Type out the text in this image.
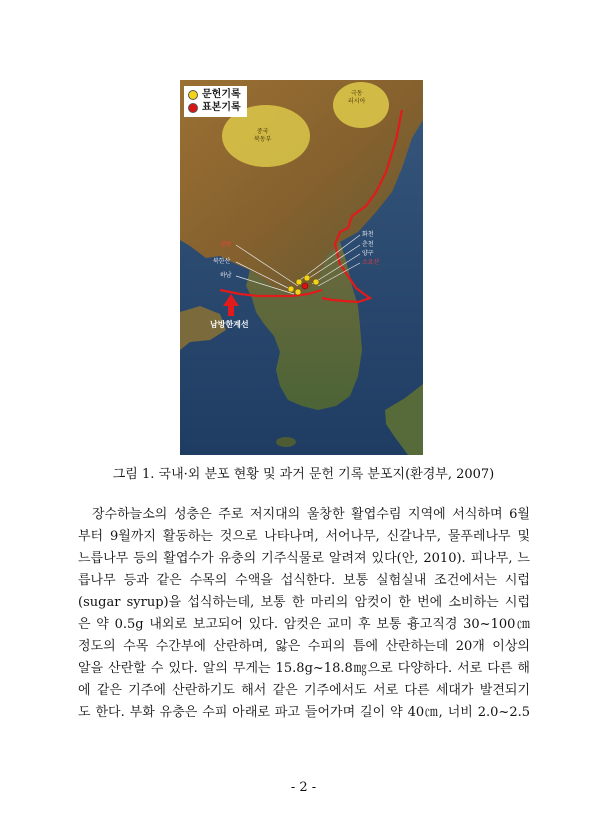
문헌기록
표본기록
극동
러시아
중국
북동부
화천
춘천
양구
소요산
광릉
북한산
하남
남방한계선
그림 1. 국내·외 분포 현황 및 과거 문헌 기록 분포지(환경부, 2007)
장수하늘소의 성충은 주로 저지대의 울창한 활엽수림 지역에 서식하며 6월
부터 9월까지 활동하는 것으로 나타나며, 서어나무, 신갈나무, 물푸레나무 및
느릅나무 등의 활엽수가 유충의 기주식물로 알려져 있다(안, 2010). 피나무, 느
릅나무 등과 같은 수목의 수액을 섭식한다. 보통 실험실내 조건에서는 시럽
(sugar syrup)을 섭식하는데, 보통 한 마리의 암컷이 한 번에 소비하는 시럽
은 약 0.5g 내외로 보고되어 있다. 암컷은 교미 후 보통 흉고직경 30~100㎝
정도의 수목 수간부에 산란하며, 앓은 수피의 틈에 산란하는데 20개 이상의
알을 산란할 수 있다. 알의 무게는 15.8g~18.8㎎으로 다양하다. 서로 다른 해
에 같은 기주에 산란하기도 해서 같은 기주에서도 서로 다른 세대가 발견되기
도 한다. 부화 유충은 수피 아래로 파고 들어가며 길이 약 40㎝, 너비 2.0~2.5
- 2 -
